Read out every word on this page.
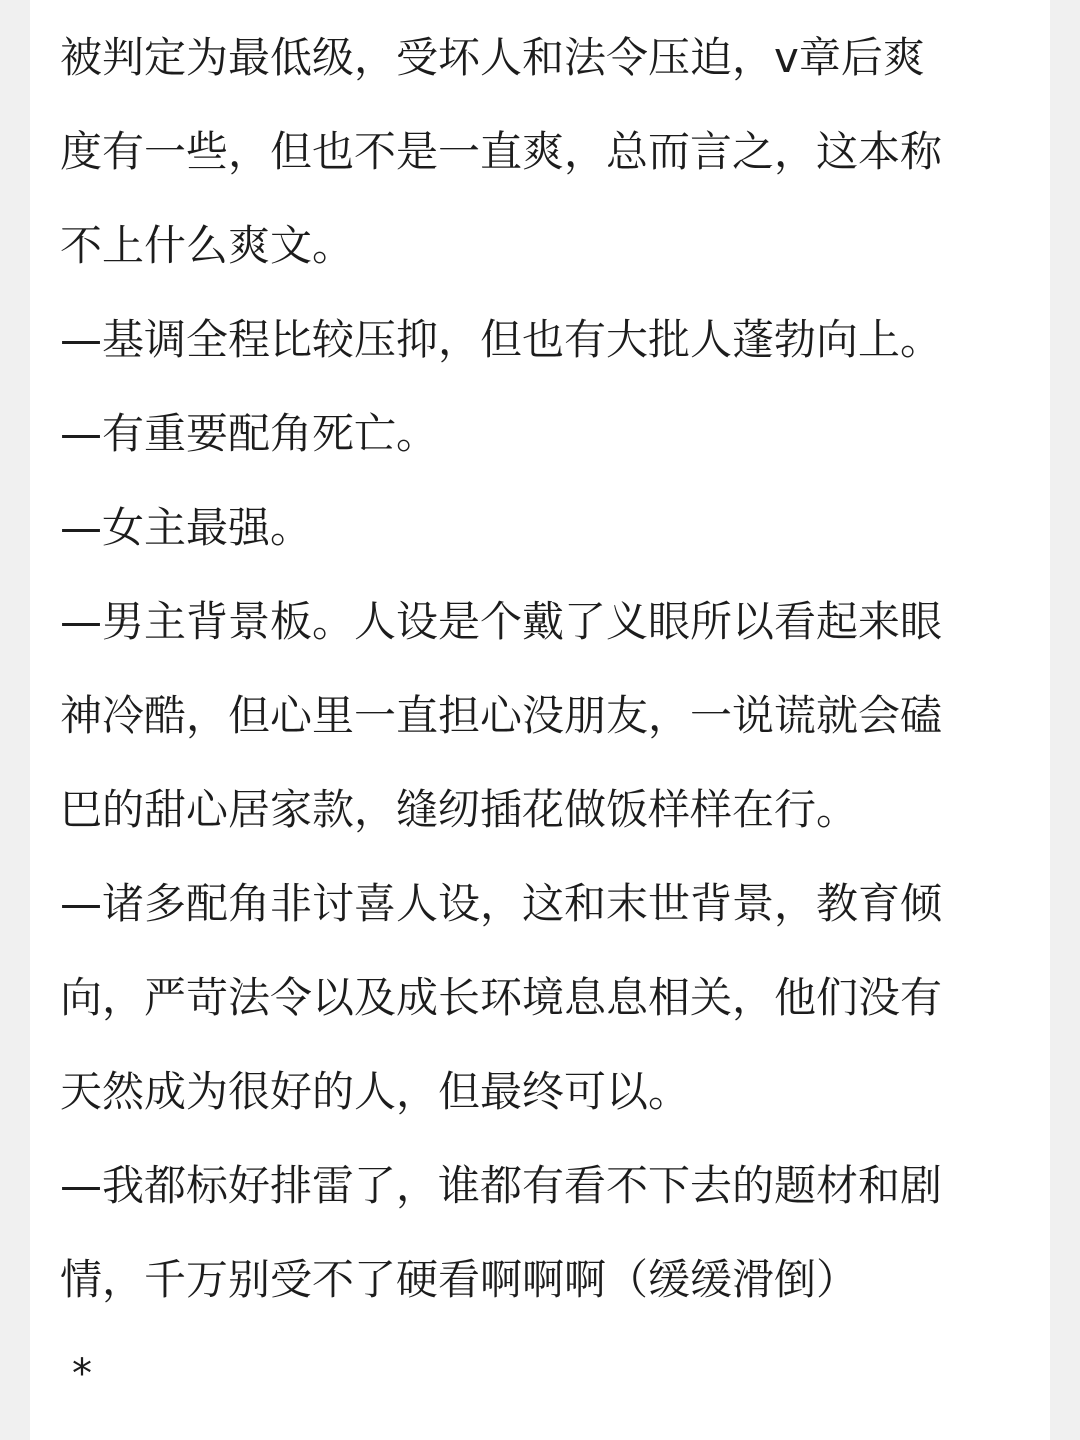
被判定为最低级，受坏人和法令压迫，v章后爽
度有一些，但也不是一直爽，总而言之，这本称
不上什么爽文。
—基调全程比较压抑，但也有大批人蓬勃向上。
—有重要配角死亡。
—女主最强。
—男主背景板。人设是个戴了义眼所以看起来眼
神冷酷，但心里一直担心没朋友，一说谎就会磕
巴的甜心居家款，缝纫插花做饭样样在行。
—诸多配角非讨喜人设，这和末世背景，教育倾
向，严苛法令以及成长环境息息相关，他们没有
天然成为很好的人，但最终可以。
—我都标好排雷了，谁都有看不下去的题材和剧
情，千万别受不了硬看啊啊啊（缓缓滑倒）
*
